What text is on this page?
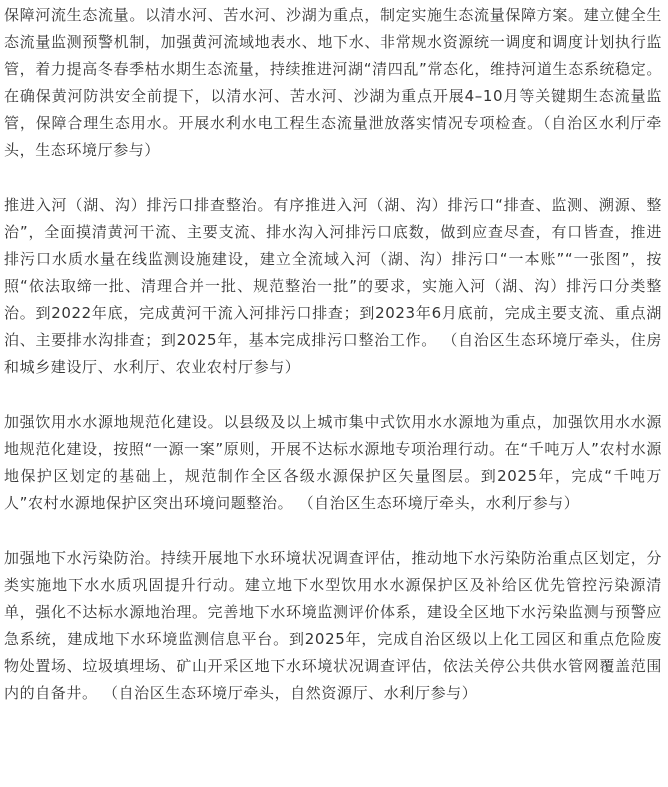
保障河流生态流量。以清水河、苦水河、沙湖为重点，制定实施生态流量保障方案。建立健全生态流量监测预警机制，加强黄河流域地表水、地下水、非常规水资源统一调度和调度计划执行监管，着力提高冬春季枯水期生态流量，持续推进河湖“清四乱”常态化，维持河道生态系统稳定。在确保黄河防洪安全前提下，以清水河、苦水河、沙湖为重点开展4–10月等关键期生态流量监管，保障合理生态用水。开展水利水电工程生态流量泄放落实情况专项检查。（自治区水利厅牵头，生态环境厅参与）

推进入河（湖、沟）排污口排查整治。有序推进入河（湖、沟）排污口“排查、监测、溯源、整治”，全面摸清黄河干流、主要支流、排水沟入河排污口底数，做到应查尽查，有口皆查，推进排污口水质水量在线监测设施建设，建立全流域入河（湖、沟）排污口“一本账”“一张图”，按照“依法取缔一批、清理合并一批、规范整治一批”的要求，实施入河（湖、沟）排污口分类整治。到2022年底，完成黄河干流入河排污口排查；到2023年6月底前，完成主要支流、重点湖泊、主要排水沟排查；到2025年，基本完成排污口整治工作。 （自治区生态环境厅牵头，住房和城乡建设厅、水利厅、农业农村厅参与）

加强饮用水水源地规范化建设。以县级及以上城市集中式饮用水水源地为重点，加强饮用水水源地规范化建设，按照“一源一案”原则，开展不达标水源地专项治理行动。在“千吨万人”农村水源地保护区划定的基础上，规范制作全区各级水源保护区矢量图层。到2025年，完成“千吨万人”农村水源地保护区突出环境问题整治。 （自治区生态环境厅牵头，水利厅参与）

加强地下水污染防治。持续开展地下水环境状况调查评估，推动地下水污染防治重点区划定，分类实施地下水水质巩固提升行动。建立地下水型饮用水水源保护区及补给区优先管控污染源清单，强化不达标水源地治理。完善地下水环境监测评价体系，建设全区地下水污染监测与预警应急系统，建成地下水环境监测信息平台。到2025年，完成自治区级以上化工园区和重点危险废物处置场、垃圾填埋场、矿山开采区地下水环境状况调查评估，依法关停公共供水管网覆盖范围内的自备井。 （自治区生态环境厅牵头，自然资源厅、水利厅参与）
